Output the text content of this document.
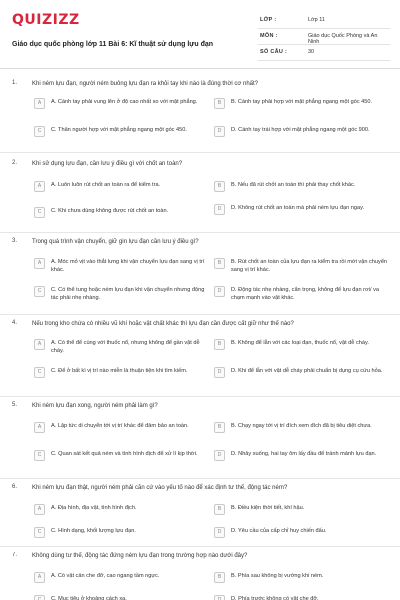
QUIZIZZ
Giáo dục quốc phòng lớp 11 Bài 6: Kĩ thuật sử dụng lựu đạn
LỚP :	Lớp 11
MÔN :	Giáo dục Quốc Phòng và An Ninh
SỐ CÂU :	30
1. Khi ném lựu đạn, người ném buông lựu đạn ra khỏi tay khi nào là đúng thời cơ nhất?
A	A. Cánh tay phải vung lên ở độ cao nhất so với mặt phẳng.	B	B. Cánh tay phải hợp với mặt phẳng ngang một góc 450.
C	C. Thân người hợp với mặt phẳng ngang một góc 450.	D	D. Cánh tay trái hợp với mặt phẳng ngang một góc 900.
2. Khi sử dụng lựu đạn, cần lưu ý điều gì với chốt an toàn?
A	A. Luôn luôn rút chốt an toàn ra để kiểm tra.	B	B. Nếu đã rút chốt an toàn thì phải thay chốt khác.
C	C. Khi chưa dùng không được rút chốt an toàn.	D	D. Không rút chốt an toàn mà phải ném lựu đạn ngay.
3. Trong quá trình vận chuyển, giữ gìn lựu đạn cần lưu ý điều gì?
A	A. Móc mỏ vịt vào thắt lưng khi vận chuyển lựu đạn sang vị trí khác.
B	B. Rút chốt an toàn của lựu đạn ra kiểm tra rồi mới vận chuyển sang vị trí khác.
C	C. Có thể tung hoặc ném lựu đạn khi vận chuyển nhưng động tác phải nhẹ nhàng.
D	D. Động tác nhẹ nhàng, cẩn trọng, không để lựu đạn rơi/ va chạm mạnh vào vật khác.
4. Nếu trong kho chứa có nhiều vũ khí hoặc vật chất khác thì lựu đạn cần được cất giữ như thế nào?
A	A. Có thể để cùng với thuốc nổ, nhưng không để gần vật dễ cháy.
B	B. Không để lẫn với các loại đạn, thuốc nổ, vật dễ cháy.
C	C. Để ở bất kì vị trí nào miễn là thuận tiện khi tìm kiếm.	D	D. Khi để lẫn với vật dễ cháy phải chuẩn bị dụng cụ cứu hỏa.
5. Khi ném lựu đạn xong, người ném phải làm gì?
A	A. Lập tức di chuyển tới vị trí khác để đảm bảo an toàn.	B	B. Chạy ngay tới vị trí đích xem đích đã bị tiêu diệt chưa.
C	C. Quan sát kết quả ném và tình hình địch để xử lí kịp thời.	D	D. Nhảy xuống, hai tay ôm lấy đầu để tránh mảnh lựu đạn.
6. Khi ném lựu đạn thật, người ném phải căn cứ vào yếu tố nào để xác định tư thế, động tác ném?
A	A. Địa hình, địa vật, tình hình địch.	B	B. Điều kiện thời tiết, khí hậu.
C	C. Hình dạng, khối lượng lựu đạn.	D	D. Yêu cầu của cấp chỉ huy chiến đấu.
7. Không dùng tư thế, động tác đứng ném lựu đạn trong trường hợp nào dưới đây?
A	A. Có vật cản che đỡ, cao ngang tầm ngực.	B	B. Phía sau không bị vướng khi ném.
C	C. Mục tiêu ở khoảng cách xa.	D	D. Phía trước không có vật che đỡ.
